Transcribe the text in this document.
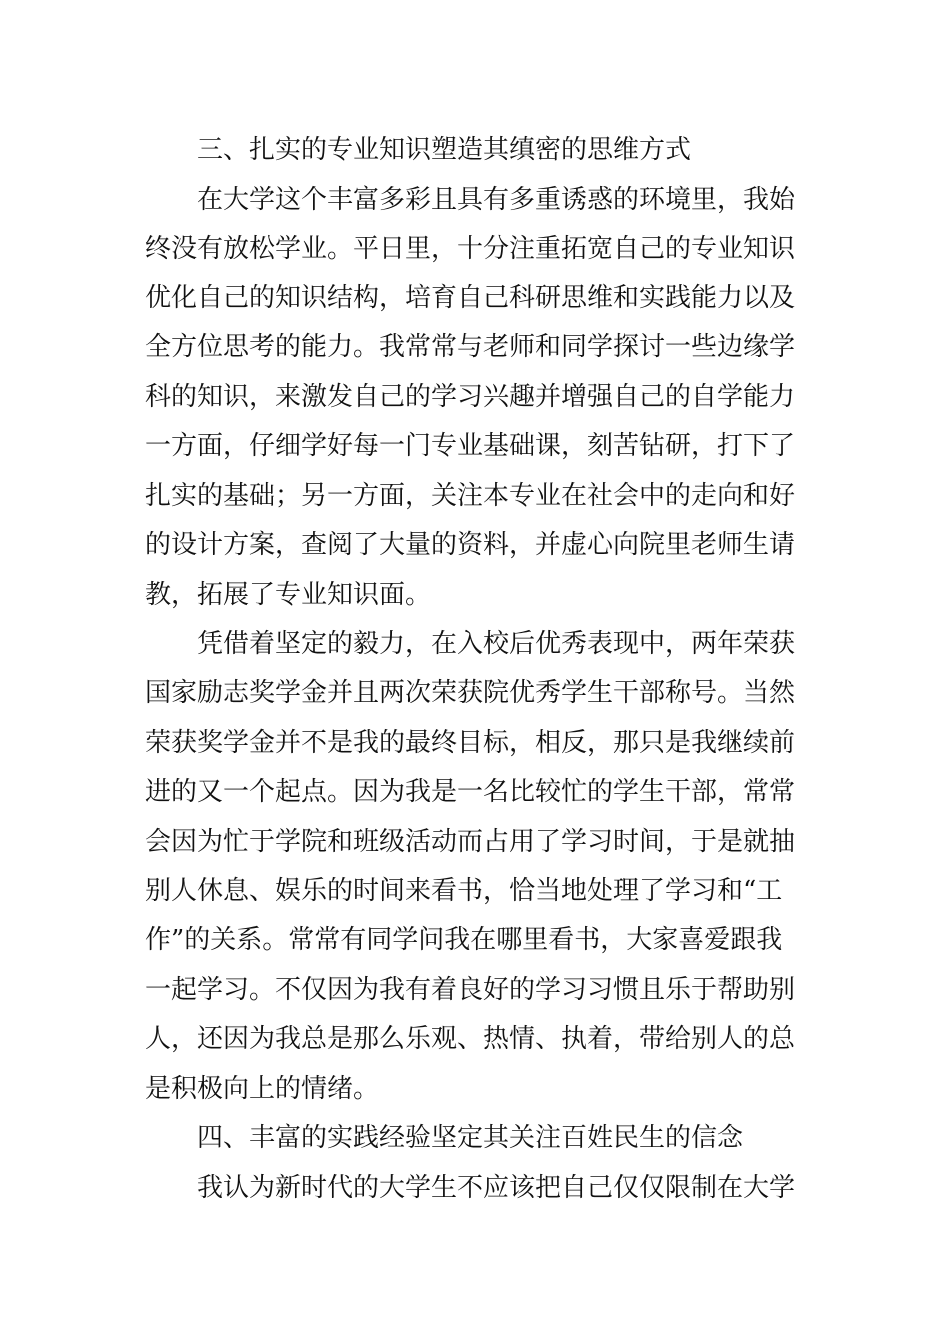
三、扎实的专业知识塑造其缜密的思维方式
在大学这个丰富多彩且具有多重诱惑的环境里，我始
终没有放松学业。平日里，十分注重拓宽自己的专业知识
优化自己的知识结构，培育自己科研思维和实践能力以及
全方位思考的能力。我常常与老师和同学探讨一些边缘学
科的知识，来激发自己的学习兴趣并增强自己的自学能力
一方面，仔细学好每一门专业基础课，刻苦钻研，打下了
扎实的基础；另一方面，关注本专业在社会中的走向和好
的设计方案，查阅了大量的资料，并虚心向院里老师生请
教，拓展了专业知识面。
凭借着坚定的毅力，在入校后优秀表现中，两年荣获
国家励志奖学金并且两次荣获院优秀学生干部称号。当然
荣获奖学金并不是我的最终目标，相反，那只是我继续前
进的又一个起点。因为我是一名比较忙的学生干部，常常
会因为忙于学院和班级活动而占用了学习时间，于是就抽
别人休息、娱乐的时间来看书，恰当地处理了学习和“工
作”的关系。常常有同学问我在哪里看书，大家喜爱跟我
一起学习。不仅因为我有着良好的学习习惯且乐于帮助别
人，还因为我总是那么乐观、热情、执着，带给别人的总
是积极向上的情绪。
四、丰富的实践经验坚定其关注百姓民生的信念
我认为新时代的大学生不应该把自己仅仅限制在大学
